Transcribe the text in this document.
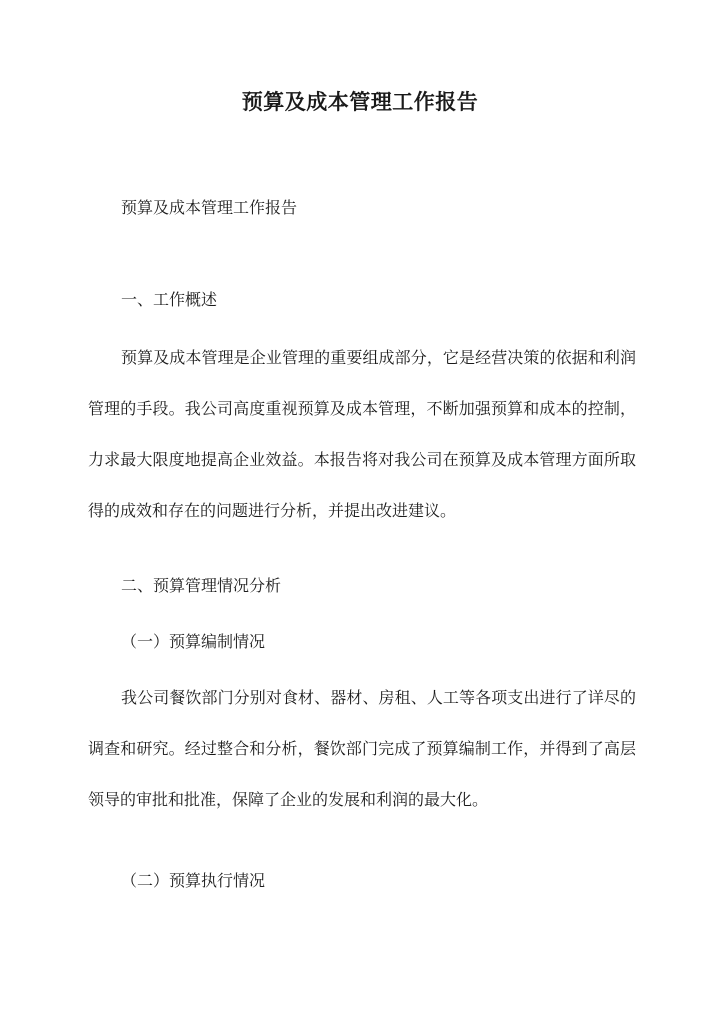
预算及成本管理工作报告

预算及成本管理工作报告

一、工作概述

预算及成本管理是企业管理的重要组成部分，它是经营决策的依据和利润管理的手段。我公司高度重视预算及成本管理，不断加强预算和成本的控制，力求最大限度地提高企业效益。本报告将对我公司在预算及成本管理方面所取得的成效和存在的问题进行分析，并提出改进建议。

二、预算管理情况分析

（一）预算编制情况

我公司餐饮部门分别对食材、器材、房租、人工等各项支出进行了详尽的调查和研究。经过整合和分析，餐饮部门完成了预算编制工作，并得到了高层领导的审批和批准，保障了企业的发展和利润的最大化。

（二）预算执行情况
